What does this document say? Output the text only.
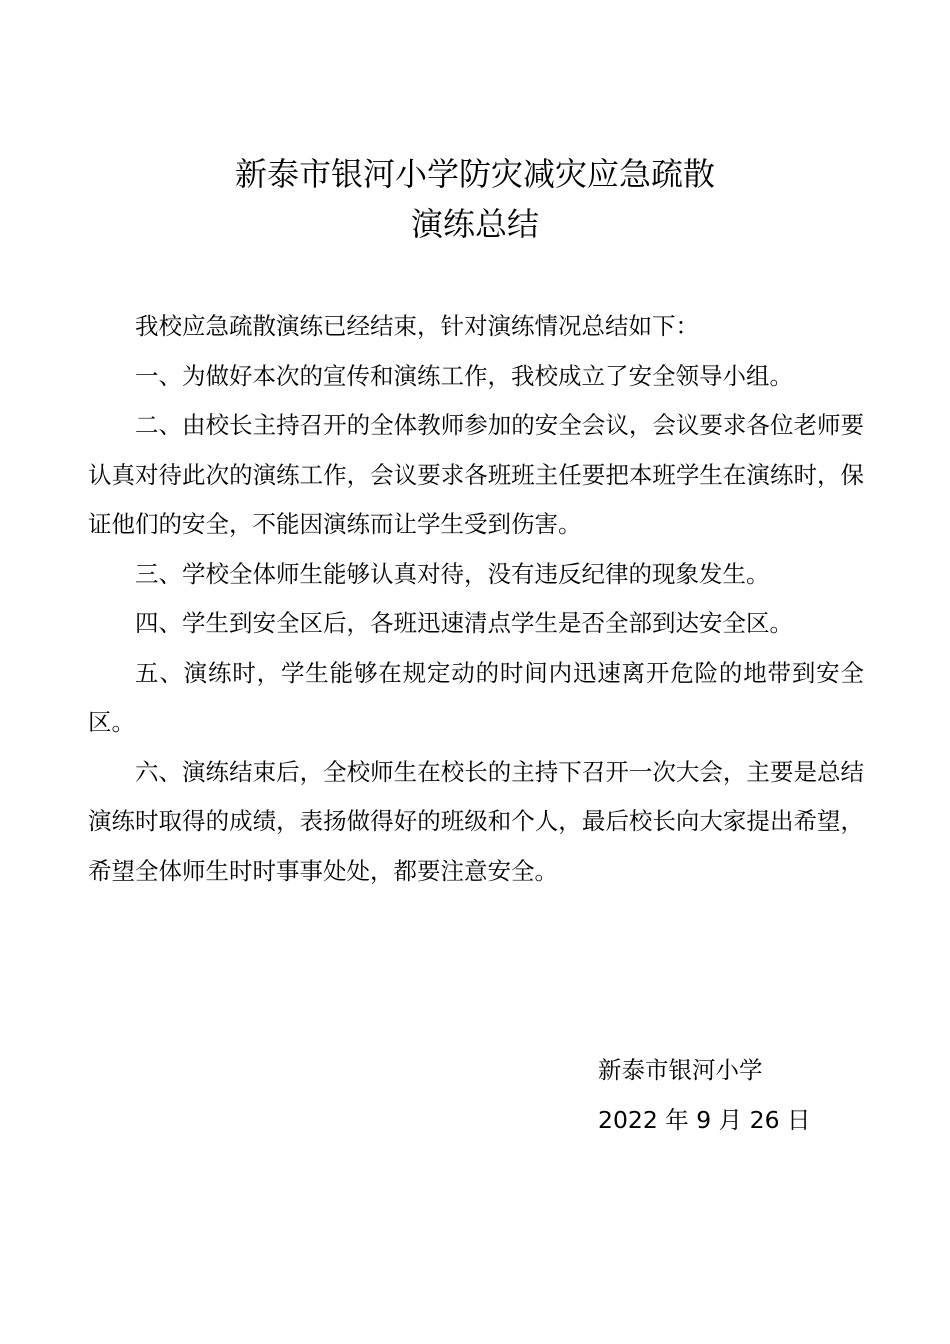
新泰市银河小学防灾减灾应急疏散
演练总结

我校应急疏散演练已经结束，针对演练情况总结如下：

一、为做好本次的宣传和演练工作，我校成立了安全领导小组。

二、由校长主持召开的全体教师参加的安全会议，会议要求各位老师要认真对待此次的演练工作，会议要求各班班主任要把本班学生在演练时，保证他们的安全，不能因演练而让学生受到伤害。

三、学校全体师生能够认真对待，没有违反纪律的现象发生。

四、学生到安全区后，各班迅速清点学生是否全部到达安全区。

五、演练时，学生能够在规定动的时间内迅速离开危险的地带到安全区。

六、演练结束后，全校师生在校长的主持下召开一次大会，主要是总结演练时取得的成绩，表扬做得好的班级和个人，最后校长向大家提出希望，希望全体师生时时事事处处，都要注意安全。

新泰市银河小学
2022 年 9 月 26 日
